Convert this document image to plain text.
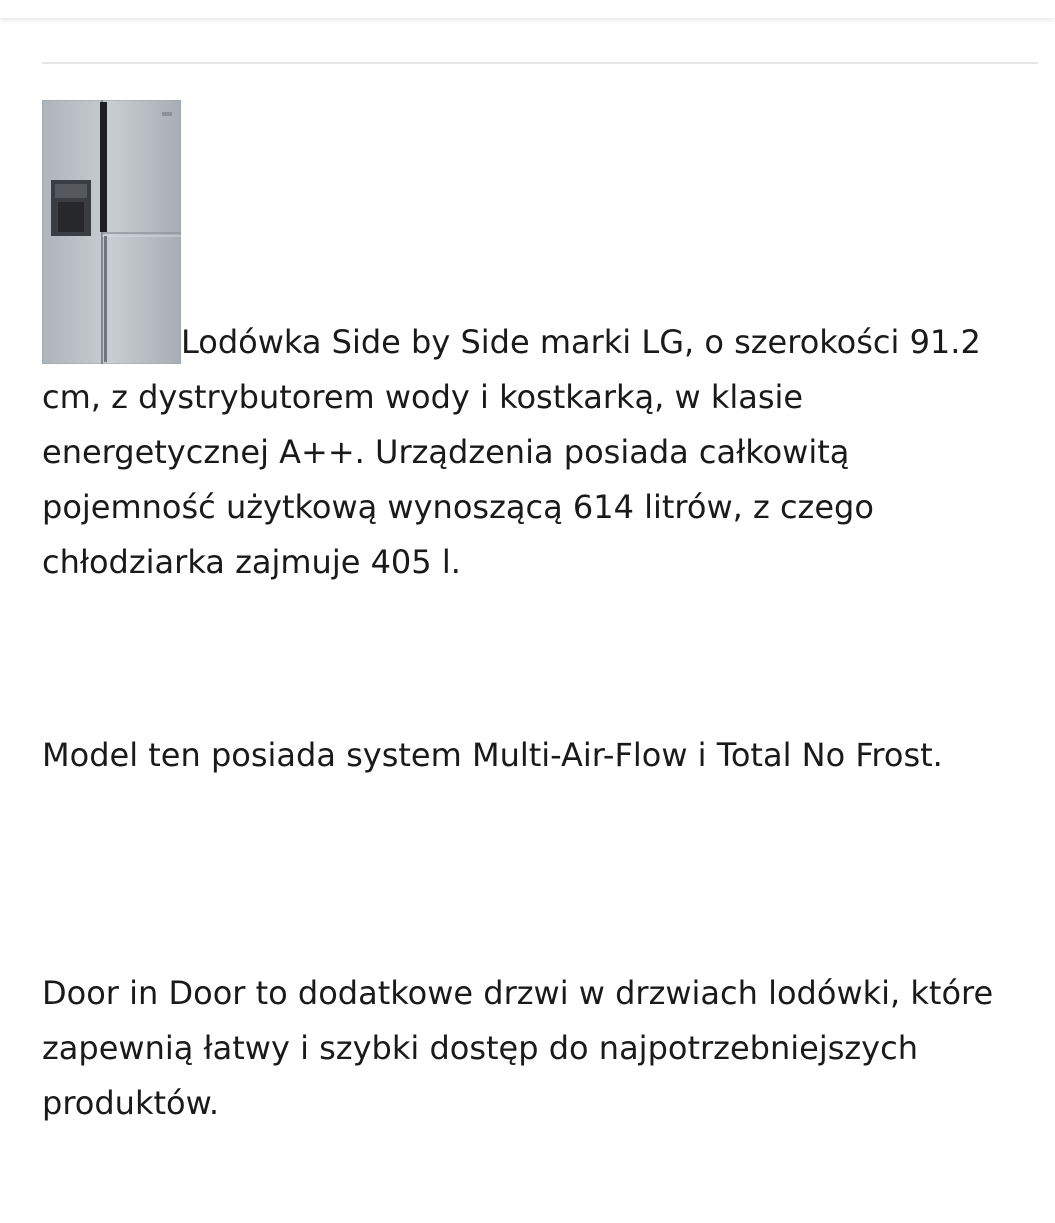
Lodówka Side by Side marki LG, o szerokości 91.2 cm, z dystrybutorem wody i kostkarką, w klasie energetycznej A++. Urządzenia posiada całkowitą pojemność użytkową wynoszącą 614 litrów, z czego chłodziarka zajmuje 405 l.

Model ten posiada system Multi-Air-Flow i Total No Frost.

Door in Door to dodatkowe drzwi w drzwiach lodówki, które zapewnią łatwy i szybki dostęp do najpotrzebniejszych produktów.
